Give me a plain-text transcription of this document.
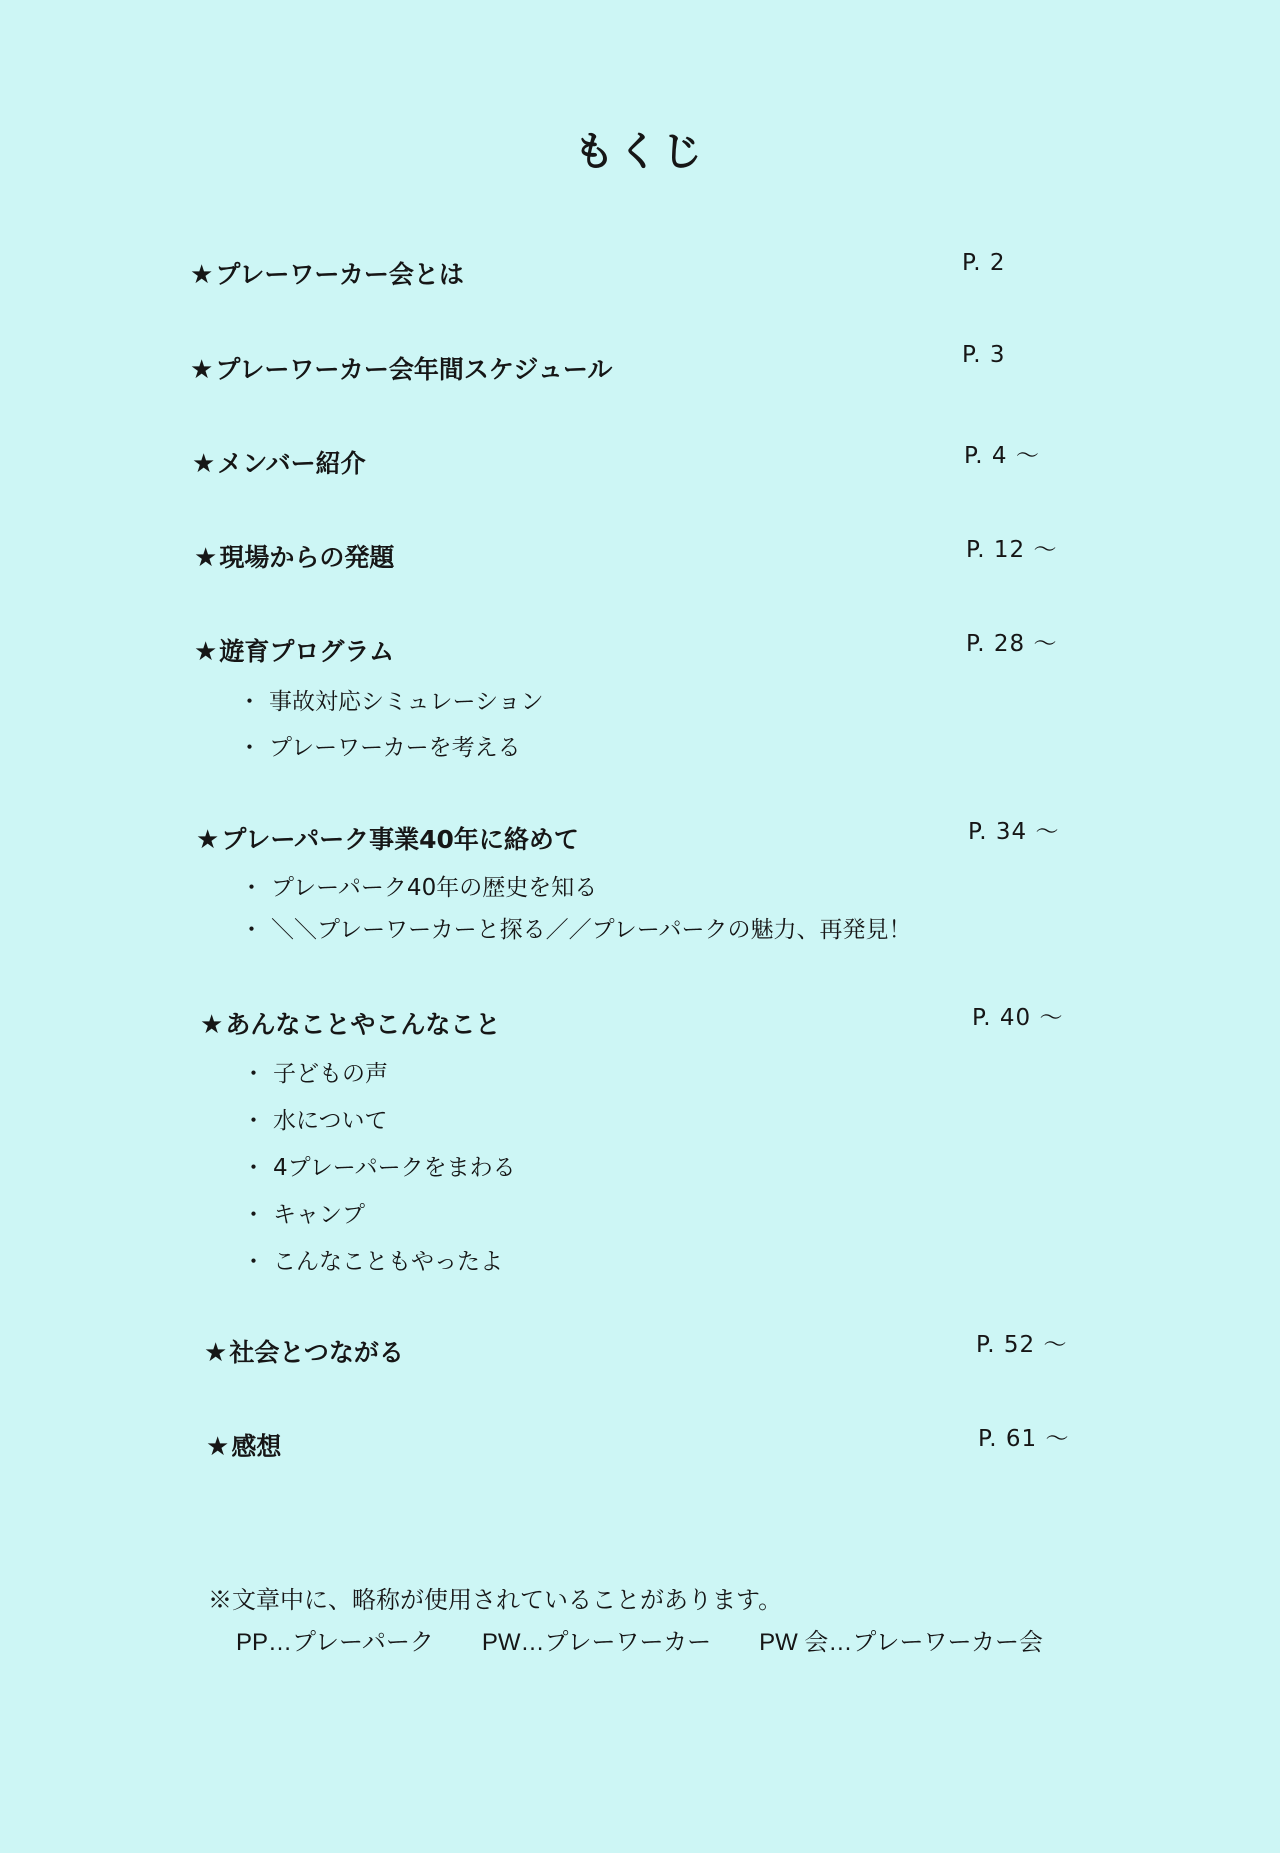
もくじ
★プレーワーカー会とは	P. 2
★プレーワーカー会年間スケジュール	P. 3
★メンバー紹介	P. 4 ～
★現場からの発題	P. 12 ～
★遊育プログラム	P. 28 ～
・ 事故対応シミュレーション
・ プレーワーカーを考える
★プレーパーク事業40年に絡めて	P. 34 ～
・ プレーパーク40年の歴史を知る
・ ＼＼プレーワーカーと探る／／プレーパークの魅力、再発見！
★あんなことやこんなこと	P. 40 ～
・ 子どもの声
・ 水について
・ 4プレーパークをまわる
・ キャンプ
・ こんなこともやったよ
★社会とつながる	P. 52 ～
★感想	P. 61 ～
※文章中に、略称が使用されていることがあります。
PP…プレーパーク PW…プレーワーカー PW 会…プレーワーカー会
